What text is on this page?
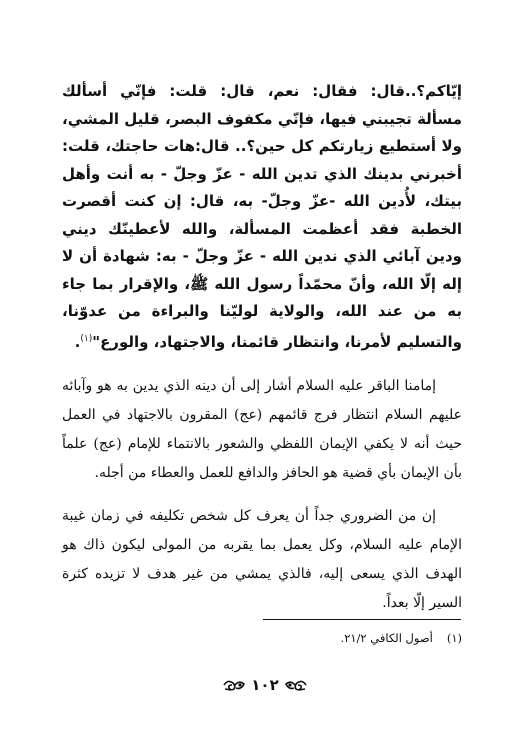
إيّاكم؟..قال: فقال: نعم، قال: قلت: فإنّي أسألك مسألة تجيبني فيها، فإنّي مكفوف البصر، قليل المشي، ولا أستطيع زيارتكم كل حين؟.. قال:هات حاجتك، قلت: أخبرني بدينك الذي تدين الله - عزّ وجلّ - به أنت وأهل بيتك، لأُدين الله -عزّ وجلّ- به، قال: إن كنت أقصرت الخطبة فقد أعظمت المسألة، والله لأعطينّك ديني ودين آبائي الذي ندين الله - عزّ وجلّ - به: شهادة أن لا إله إلّا الله، وأنّ محمّداً رسول الله ﷺ، والإقرار بما جاء به من عند الله، والولاية لوليّنا والبراءة من عدوّنا، والتسليم لأمرنا، وانتظار قائمنا، والاجتهاد، والورع"$^{(١)}$.

إمامنا الباقر عليه السلام أشار إلى أن دينه الذي يدين به هو وآبائه عليهم السلام انتظار فرج قائمهم (عج) المقرون بالاجتهاد في العمل حيث أنه لا يكفي الإيمان اللفظي والشعور بالانتماء للإمام (عج) علماً بأن الإيمان بأي قضية هو الحافز والدافع للعمل والعطاء من أجله.

إن من الضروري جداً أن يعرف كل شخص تكليفه في زمان غيبة الإمام عليه السلام، وكل يعمل بما يقربه من المولى ليكون ذاك هو الهدف الذي يسعى إليه، فالذي يمشي من غير هدف لا تزيده كثرة السير إلّا بعداً.

(١)أصول الكافي ٢١/٢.
١٠٢
